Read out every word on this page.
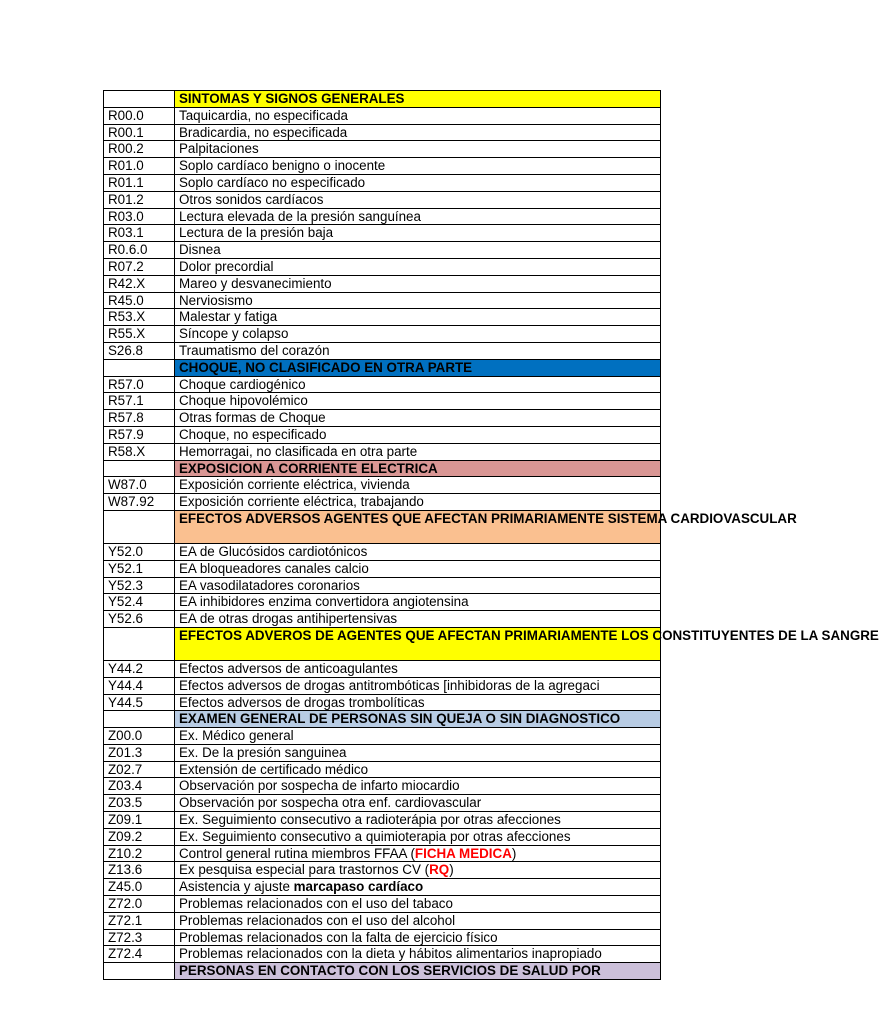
	SINTOMAS Y SIGNOS GENERALES
R00.0	Taquicardia, no especificada
R00.1	Bradicardia, no especificada
R00.2	Palpitaciones
R01.0	Soplo cardíaco benigno o inocente
R01.1	Soplo cardíaco no especificado
R01.2	Otros sonidos cardíacos
R03.0	Lectura elevada de la presión sanguínea
R03.1	Lectura de la presión baja
R0.6.0	Disnea
R07.2	Dolor precordial
R42.X	Mareo y desvanecimiento
R45.0	Nerviosismo
R53.X	Malestar y fatiga
R55.X	Síncope y colapso
S26.8	Traumatismo del corazón
	CHOQUE, NO CLASIFICADO EN OTRA PARTE
R57.0	Choque cardiogénico
R57.1	Choque hipovolémico
R57.8	Otras formas de Choque
R57.9	Choque, no especificado
R58.X	Hemorragai, no clasificada en otra parte
	EXPOSICION A CORRIENTE ELECTRICA
W87.0	Exposición corriente eléctrica, vivienda
W87.92	Exposición corriente eléctrica, trabajando
	EFECTOS ADVERSOS AGENTES QUE AFECTAN PRIMARIAMENTE SISTEMA CARDIOVASCULAR
Y52.0	EA de Glucósidos cardiotónicos
Y52.1	EA bloqueadores canales calcio
Y52.3	EA vasodilatadores coronarios
Y52.4	EA inhibidores enzima convertidora angiotensina
Y52.6	EA de otras drogas antihipertensivas
	EFECTOS ADVEROS DE AGENTES QUE AFECTAN PRIMARIAMENTE LOS CONSTITUYENTES DE LA SANGRE
Y44.2	Efectos adversos de anticoagulantes
Y44.4	Efectos adversos de drogas antitrombóticas [inhibidoras de la agregaci
Y44.5	Efectos adversos de drogas trombolíticas
	EXAMEN GENERAL DE PERSONAS SIN QUEJA O SIN DIAGNOSTICO
Z00.0	Ex. Médico general
Z01.3	Ex. De la presión sanguinea
Z02.7	Extensión de certificado médico
Z03.4	Observación por sospecha de infarto miocardio
Z03.5	Observación por sospecha otra enf. cardiovascular
Z09.1	Ex. Seguimiento consecutivo a radioterápia por otras afecciones
Z09.2	Ex. Seguimiento consecutivo a quimioterapia por otras afecciones
Z10.2	Control general rutina miembros FFAA (FICHA MEDICA)
Z13.6	Ex pesquisa especial para trastornos CV (RQ)
Z45.0	Asistencia y ajuste marcapaso cardíaco
Z72.0	Problemas relacionados con el uso del tabaco
Z72.1	Problemas relacionados con el uso del alcohol
Z72.3	Problemas relacionados con la falta de ejercicio físico
Z72.4	Problemas relacionados con la dieta y hábitos alimentarios inapropiado
	PERSONAS EN CONTACTO CON LOS SERVICIOS DE SALUD POR
